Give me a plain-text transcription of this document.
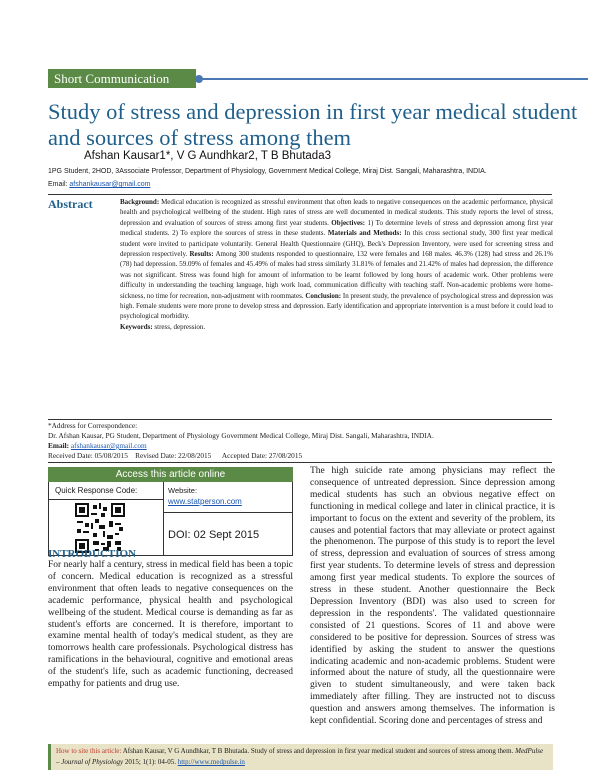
Short Communication
Study of stress and depression in first year medical student and sources of stress among them
Afshan Kausar1*, V G Aundhkar2, T B Bhutada3
1PG Student, 2HOD, 3Associate Professor, Department of Physiology, Government Medical College, Miraj Dist. Sangali, Maharashtra, INDIA.
Email: afshankausar@gmail.com
Abstract	Background: Medical education is recognized as stressful environment that often leads to negative consequences on the academic performance, physical health and psychological wellbeing of the student. High rates of stress are well documented in medical students. This study reports the level of stress, depression and evaluation of sources of stress among first year students. Objectives: 1) To determine levels of stress and depression among first year medical students. 2) To explore the sources of stress in these students. Materials and Methods: In this cross sectional study, 300 first year medical student were invited to participate voluntarily. General Health Questionnaire (GHQ), Beck's Depression Inventory, were used for screening stress and depression respectively. Results: Among 300 students responded to questionnaire, 132 were females and 168 males. 46.3% (128) had stress and 26.1% (78) had depression. 59.09% of females and 45.49% of males had stress similarly 31.81% of females and 21.42% of males had depression, the difference was not significant. Stress was found high for amount of information to be learnt followed by long hours of academic work. Other problems were difficulty in understanding the teaching language, high work load, communication difficulty with teaching staff. Non-academic problems were home-sickness, no time for recreation, non-adjustment with roommates. Conclusion: In present study, the prevalence of psychological stress and depression was high. Female students were more prone to develop stress and depression. Early identification and appropriate intervention is a must before it could lead to psychological morbidity.
Keywords: stress, depression.
*Address for Correspondence:
Dr. Afshan Kausar, PG Student, Department of Physiology Government Medical College, Miraj Dist. Sangali, Maharashtra, INDIA.
Email: afshankausar@gmail.com
Received Date: 05/08/2015    Revised Date: 22/08/2015      Accepted Date: 27/08/2015
Access this article online
Quick Response Code:	Website:
www.statperson.com
DOI: 02 Sept 2015
INTRODUCTION
For nearly half a century, stress in medical field has been a topic of concern. Medical education is recognized as a stressful environment that often leads to negative consequences on the academic performance, physical health and psychological wellbeing of the student. Medical course is demanding as far as student's efforts are concerned. It is therefore, important to examine mental health of today's medical student, as they are tomorrows health care professionals. Psychological distress has ramifications in the behavioural, cognitive and emotional areas of the student's life, such as academic functioning, decreased empathy for patients and drug use.
The high suicide rate among physicians may reflect the consequence of untreated depression. Since depression among medical students has such an obvious negative effect on functioning in medical college and later in clinical practice, it is important to focus on the extent and severity of the problem, its causes and potential factors that may alleviate or protect against the phenomenon. The purpose of this study is to report the level of stress, depression and evaluation of sources of stress among first year students. To determine levels of stress and depression among first year medical students. To explore the sources of stress in these student. Another questionnaire the Beck Depression Inventory (BDI) was also used to screen for depression in the respondents'. The validated questionnaire consisted of 21 questions. Scores of 11 and above were considered to be positive for depression. Sources of stress was identified by asking the student to answer the questions indicating academic and non-academic problems. Student were informed about the nature of study, all the questionnaire were given to student simultaneously, and were taken back immediately after filling. They are instructed not to discuss question and answers among themselves. The information is kept confidential. Scoring done and percentages of stress and
How to site this article: Afshan Kausar, V G Aundhkar, T B Bhutada. Study of stress and depression in first year medical student and sources of stress among them. MedPulse – Journal of Physiology 2015; 1(1): 04-05. http://www.medpulse.in
